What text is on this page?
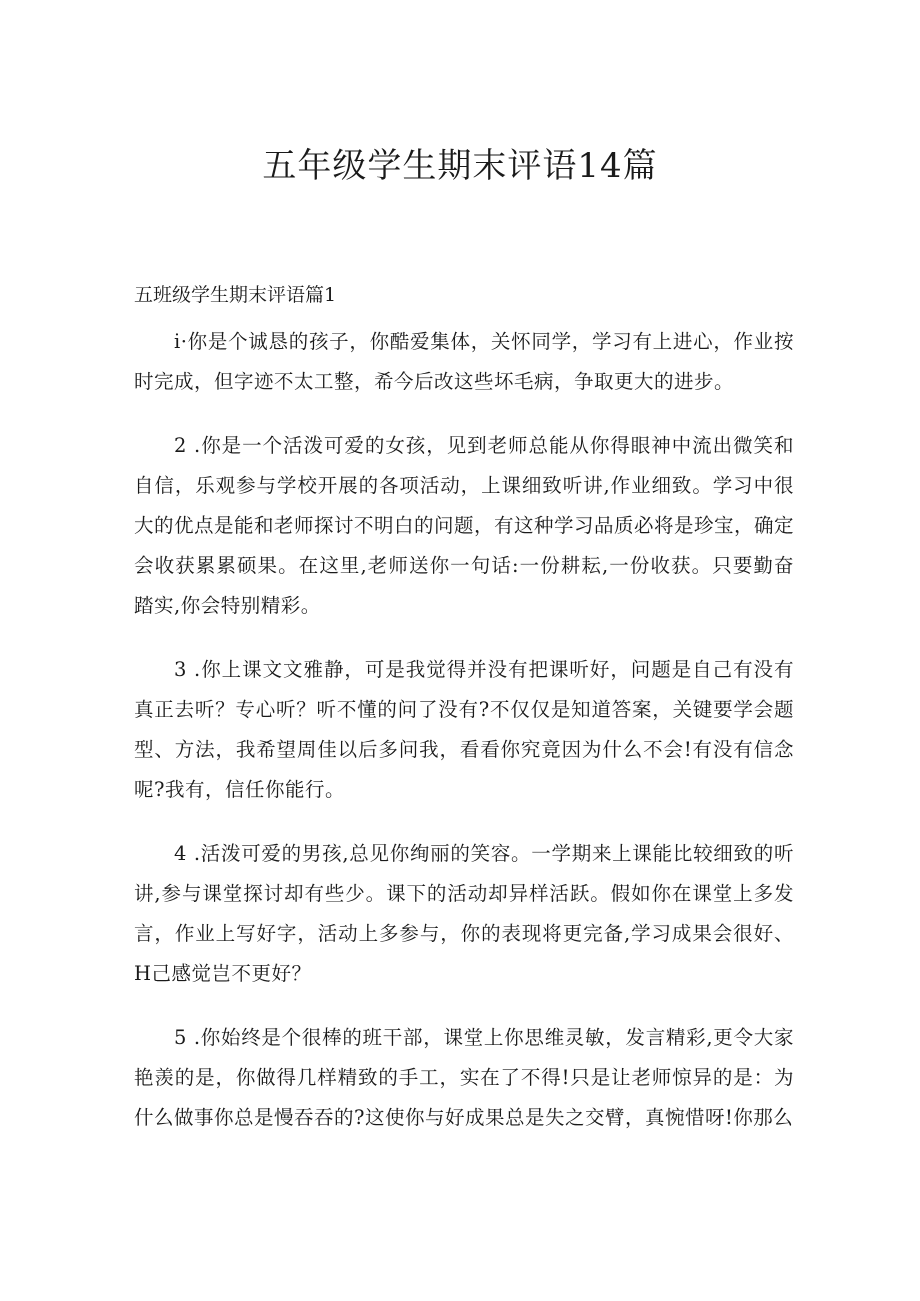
五年级学生期末评语14篇
五班级学生期末评语篇1

i·你是个诚恳的孩子，你酷爱集体，关怀同学，学习有上进心，作业按时完成，但字迹不太工整，希今后改这些坏毛病，争取更大的进步。

2 .你是一个活泼可爱的女孩，见到老师总能从你得眼神中流出微笑和自信，乐观参与学校开展的各项活动，上课细致听讲,作业细致。学习中很大的优点是能和老师探讨不明白的问题，有这种学习品质必将是珍宝，确定会收获累累硕果。在这里,老师送你一句话:一份耕耘,一份收获。只要勤奋踏实,你会特别精彩。

3 .你上课文文雅静，可是我觉得并没有把课听好，问题是自己有没有真正去听？专心听？听不懂的问了没有?不仅仅是知道答案，关键要学会题型、方法，我希望周佳以后多问我，看看你究竟因为什么不会!有没有信念呢?我有，信任你能行。

4 .活泼可爱的男孩,总见你绚丽的笑容。一学期来上课能比较细致的听讲,参与课堂探讨却有些少。课下的活动却异样活跃。假如你在课堂上多发言，作业上写好字，活动上多参与，你的表现将更完备,学习成果会很好、H己感觉岂不更好？

5 .你始终是个很棒的班干部，课堂上你思维灵敏，发言精彩,更令大家艳羡的是，你做得几样精致的手工，实在了不得!只是让老师惊异的是：为什么做事你总是慢吞吞的?这使你与好成果总是失之交臂，真惋惜呀!你那么
